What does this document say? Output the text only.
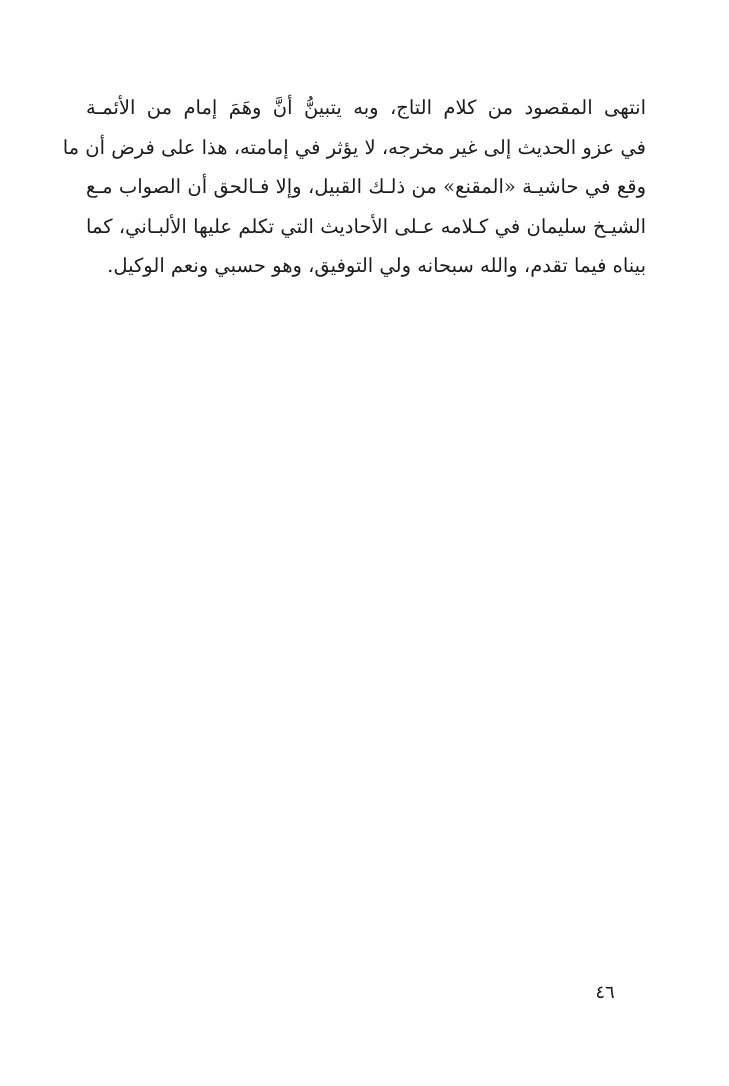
انتهى المقصود من كلام التاج، وبه يتبينُّ أنَّ وهَمَ إمام من الأئمـة
في عزو الحديث إلى غير مخرجه، لا يؤثر في إمامته، هذا على فرض أن ما
وقع في حاشيـة «المقنع» من ذلـك القبيل، وإلا فـالحق أن الصواب مـع
الشيـخ سليمان في كـلامه عـلى الأحاديث التي تكلم عليها الألبـاني، كما
بيناه فيما تقدم، والله سبحانه ولي التوفيق، وهو حسبي ونعم الوكيل.
٤٦
